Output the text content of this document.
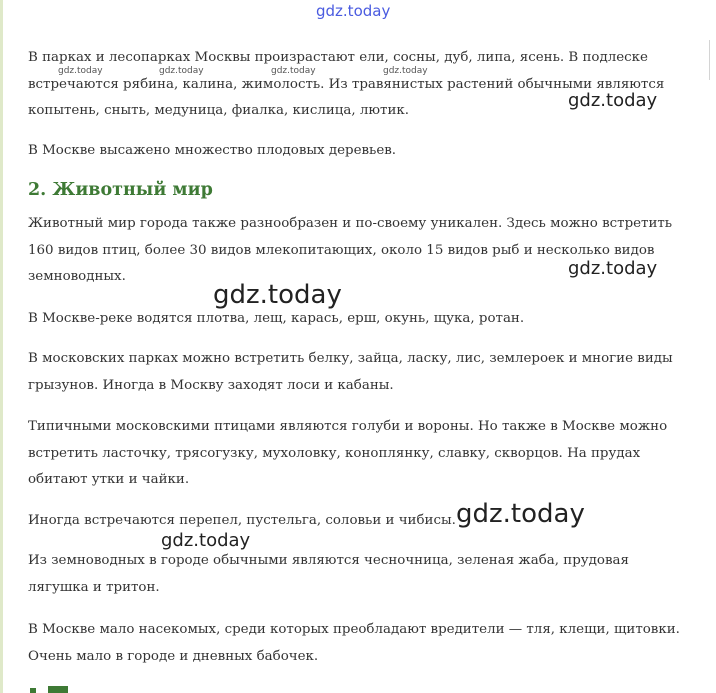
В парках и лесопарках Москвы произрастают ели, сосны, дуб, липа, ясень. В подлеске встречаются рябина, калина, жимолость. Из травянистых растений обычными являются копытень, сныть, медуница, фиалка, кислица, лютик.

В Москве высажено множество плодовых деревьев.

2. Животный мир

Животный мир города также разнообразен и по-своему уникален. Здесь можно встретить 160 видов птиц, более 30 видов млекопитающих, около 15 видов рыб и несколько видов земноводных.

В Москве-реке водятся плотва, лещ, карась, ерш, окунь, щука, ротан.

В московских парках можно встретить белку, зайца, ласку, лис, землероек и многие виды грызунов. Иногда в Москву заходят лоси и кабаны.

Типичными московскими птицами являются голуби и вороны. Но также в Москве можно встретить ласточку, трясогузку, мухоловку, коноплянку, славку, скворцов. На прудах обитают утки и чайки.

Иногда встречаются перепел, пустельга, соловьи и чибисы.

Из земноводных в городе обычными являются чесночница, зеленая жаба, прудовая лягушка и тритон.

В Москве мало насекомых, среди которых преобладают вредители — тля, клещи, щитовки. Очень мало в городе и дневных бабочек.

gdz.today
gdz.today	gdz.today	gdz.today	gdz.today
gdz.today
gdz.today
gdz.today
gdz.today
gdz.today
